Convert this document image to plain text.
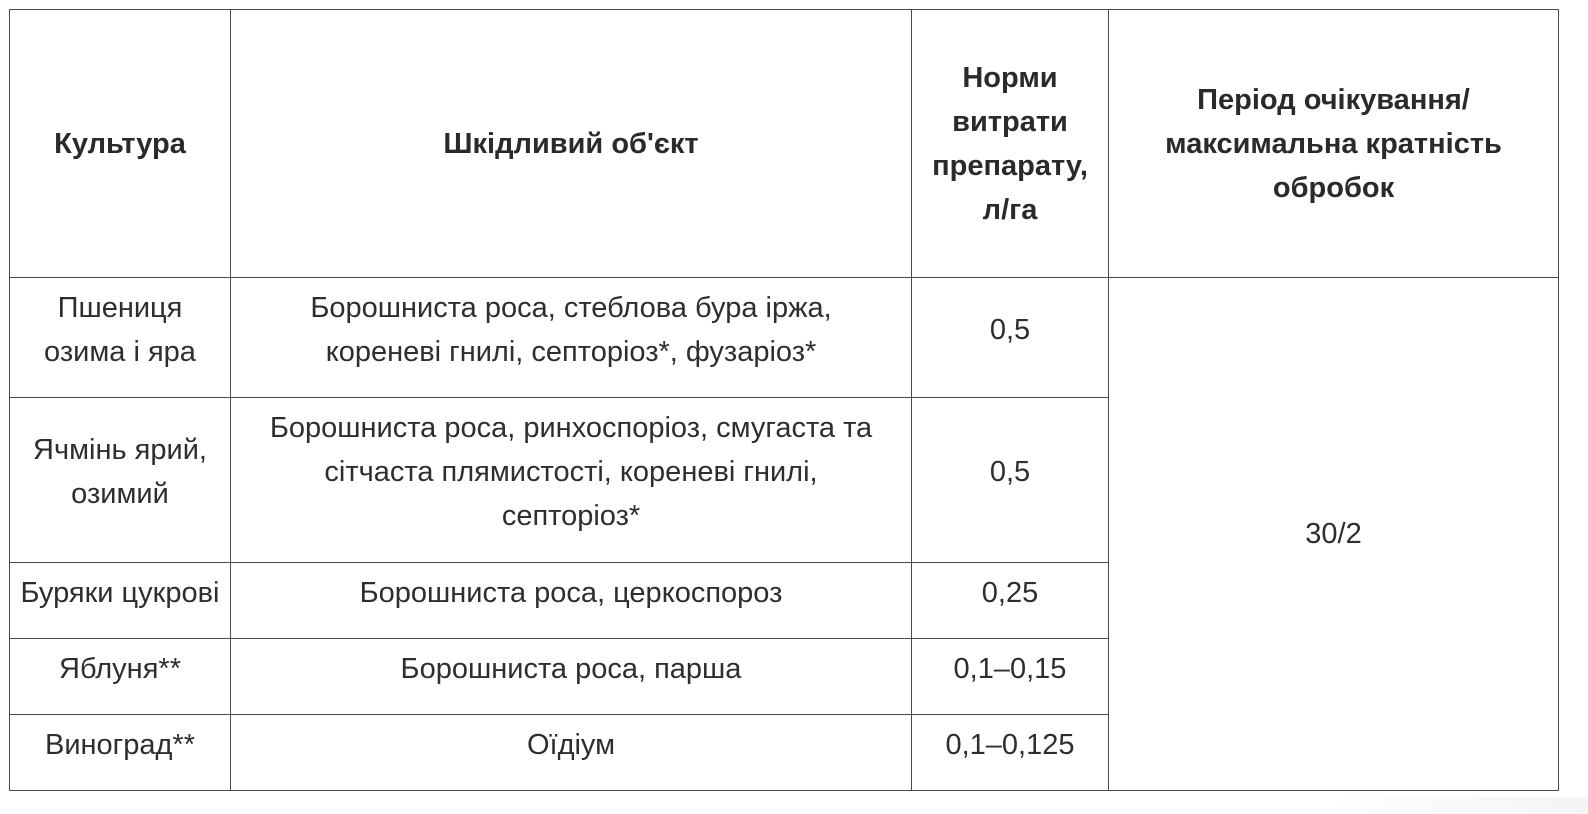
Культура	Шкідливий об'єкт	Норми
витрати
препарату,
л/га	Період очікування/
максимальна кратність
обробок

Пшениця
озима і яра	Борошниста роса, стеблова бура іржа,
кореневі гнилі, септоріоз*, фузаріоз*	0,5	30/2

Ячмінь ярий,
озимий	Борошниста роса, ринхоспоріоз, смугаста та
сітчаста плямистості, кореневі гнилі,
септоріоз*	0,5	

Буряки цукрові	Борошниста роса, церкоспороз	0,25	

Яблуня**	Борошниста роса, парша	0,1–0,15	

Виноград**	Оїдіум	0,1–0,125	
